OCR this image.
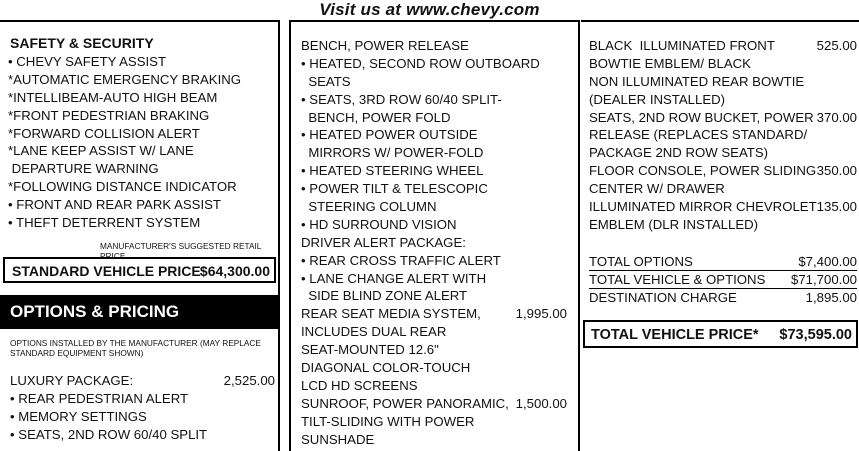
Visit us at www.chevy.com
SAFETY & SECURITY
• CHEVY SAFETY ASSIST
*AUTOMATIC EMERGENCY BRAKING
*INTELLIBEAM-AUTO HIGH BEAM
*FRONT PEDESTRIAN BRAKING
*FORWARD COLLISION ALERT
*LANE KEEP ASSIST W/ LANE
DEPARTURE WARNING
*FOLLOWING DISTANCE INDICATOR
• FRONT AND REAR PARK ASSIST
• THEFT DETERRENT SYSTEM
MANUFACTURER'S SUGGESTED RETAIL PRICE
STANDARD VEHICLE PRICE $64,300.00
OPTIONS & PRICING
OPTIONS INSTALLED BY THE MANUFACTURER (MAY REPLACE STANDARD EQUIPMENT SHOWN)
LUXURY PACKAGE:	2,525.00
• REAR PEDESTRIAN ALERT
• MEMORY SETTINGS
• SEATS, 2ND ROW 60/40 SPLIT
BENCH, POWER RELEASE
• HEATED, SECOND ROW OUTBOARD
SEATS
• SEATS, 3RD ROW 60/40 SPLIT-
BENCH, POWER FOLD
• HEATED POWER OUTSIDE
MIRRORS W/ POWER-FOLD
• HEATED STEERING WHEEL
• POWER TILT & TELESCOPIC
STEERING COLUMN
• HD SURROUND VISION
DRIVER ALERT PACKAGE:
• REAR CROSS TRAFFIC ALERT
• LANE CHANGE ALERT WITH
SIDE BLIND ZONE ALERT
REAR SEAT MEDIA SYSTEM,	1,995.00
INCLUDES DUAL REAR
SEAT-MOUNTED 12.6"
DIAGONAL COLOR-TOUCH
LCD HD SCREENS
SUNROOF, POWER PANORAMIC, 1,500.00
TILT-SLIDING WITH POWER
SUNSHADE
BLACK  ILLUMINATED FRONT	525.00
BOWTIE EMBLEM/ BLACK
NON ILLUMINATED REAR BOWTIE
(DEALER INSTALLED)
SEATS, 2ND ROW BUCKET, POWER 370.00
RELEASE (REPLACES STANDARD/
PACKAGE 2ND ROW SEATS)
FLOOR CONSOLE, POWER SLIDING 350.00
CENTER W/ DRAWER
ILLUMINATED MIRROR CHEVROLET 135.00
EMBLEM (DLR INSTALLED)
TOTAL OPTIONS	$7,400.00
TOTAL VEHICLE & OPTIONS $71,700.00
DESTINATION CHARGE	1,895.00
TOTAL VEHICLE PRICE* $73,595.00
